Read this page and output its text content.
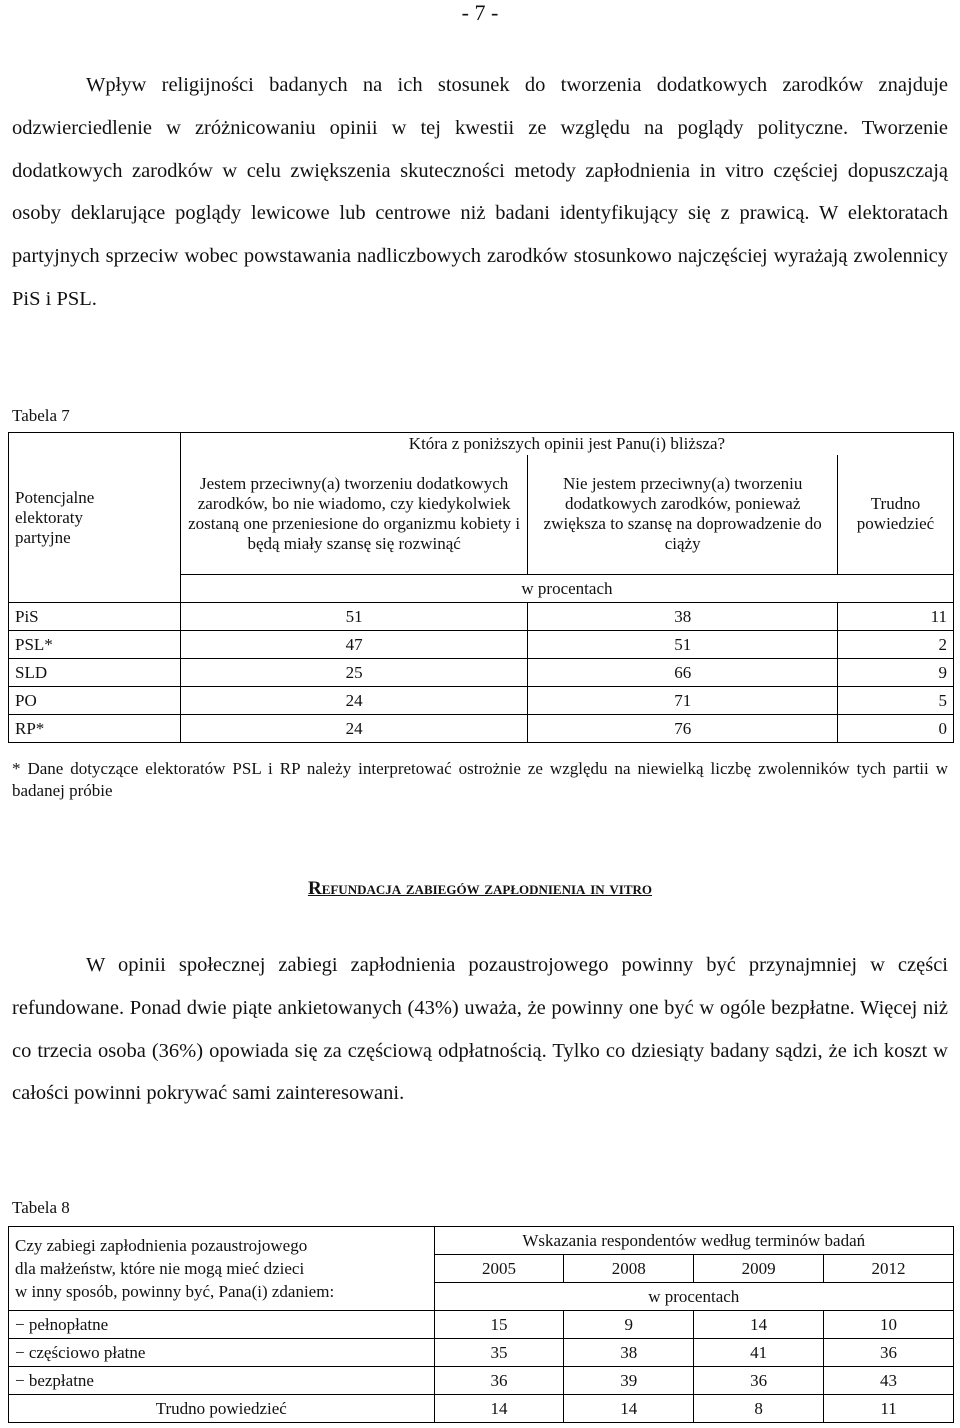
- 7 -

Wpływ religijności badanych na ich stosunek do tworzenia dodatkowych zarodków znajduje odzwierciedlenie w zróżnicowaniu opinii w tej kwestii ze względu na poglądy polityczne. Tworzenie dodatkowych zarodków w celu zwiększenia skuteczności metody zapłodnienia in vitro częściej dopuszczają osoby deklarujące poglądy lewicowe lub centrowe niż badani identyfikujący się z prawicą. W elektoratach partyjnych sprzeciw wobec powstawania nadliczbowych zarodków stosunkowo najczęściej wyrażają zwolennicy PiS i PSL.

Tabela 7
Potencjalne elektoraty partyjne	Która z poniższych opinii jest Panu(i) bliższa?		
	Jestem przeciwny(a) tworzeniu dodatkowych zarodków, bo nie wiadomo, czy kiedykolwiek zostaną one przeniesione do organizmu kobiety i będą miały szansę się rozwinąć	Nie jestem przeciwny(a) tworzeniu dodatkowych zarodków, ponieważ zwiększa to szansę na doprowadzenie do ciąży	Trudno powiedzieć

	w procentach		
PiS	51	38	11
PSL*	47	51	2
SLD	25	66	9
PO	24	71	5
RP*	24	76	0

* Dane dotyczące elektoratów PSL i RP należy interpretować ostrożnie ze względu na niewielką liczbę zwolenników tych partii w badanej próbie

Refundacja zabiegów zapłodnienia in vitro

W opinii społecznej zabiegi zapłodnienia pozaustrojowego powinny być przynajmniej w części refundowane. Ponad dwie piąte ankietowanych (43%) uważa, że powinny one być w ogóle bezpłatne. Więcej niż co trzecia osoba (36%) opowiada się za częściową odpłatnością. Tylko co dziesiąty badany sądzi, że ich koszt w całości powinni pokrywać sami zainteresowani.

Tabela 8
Czy zabiegi zapłodnienia pozaustrojowego
dla małżeństw, które nie mogą mieć dzieci
w inny sposób, powinny być, Pana(i) zdaniem:	Wskazania respondentów według terminów badań			
	2005	2008	2009	2012
	w procentach			
− pełnopłatne	15	9	14	10
− częściowo płatne	35	38	41	36
− bezpłatne	36	39	36	43
Trudno powiedzieć	14	14	8	11
